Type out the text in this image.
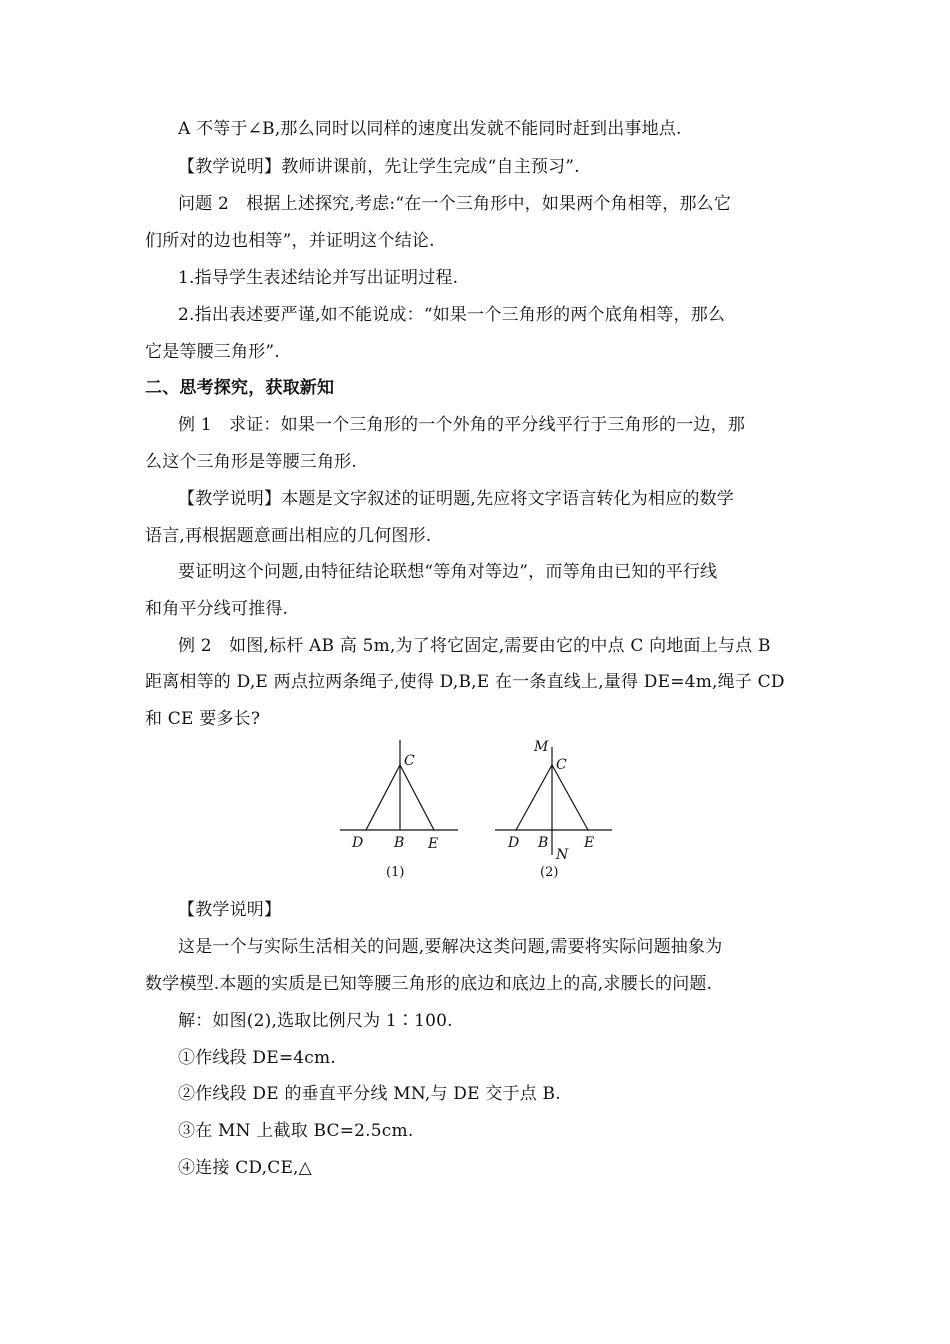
A 不等于∠B,那么同时以同样的速度出发就不能同时赶到出事地点.
【教学说明】教师讲课前，先让学生完成“自主预习”.
问题 2　根据上述探究,考虑:“在一个三角形中，如果两个角相等，那么它
们所对的边也相等”，并证明这个结论.
1.指导学生表述结论并写出证明过程.
2.指出表述要严谨,如不能说成：“如果一个三角形的两个底角相等，那么
它是等腰三角形”.
二、思考探究，获取新知
例 1　求证：如果一个三角形的一个外角的平分线平行于三角形的一边，那
么这个三角形是等腰三角形.
【教学说明】本题是文字叙述的证明题,先应将文字语言转化为相应的数学
语言,再根据题意画出相应的几何图形.
要证明这个问题,由特征结论联想“等角对等边”，而等角由已知的平行线
和角平分线可推得.
例 2　如图,标杆 AB 高 5m,为了将它固定,需要由它的中点 C 向地面上与点 B
距离相等的 D,E 两点拉两条绳子,使得 D,B,E 在一条直线上,量得 DE=4m,绳子 CD
和 CE 要多长?
C
D B E
(1)
M
C
D B	E
N
(2)
【教学说明】
这是一个与实际生活相关的问题,要解决这类问题,需要将实际问题抽象为
数学模型.本题的实质是已知等腰三角形的底边和底边上的高,求腰长的问题.
解：如图(2),选取比例尺为 1∶100.
①作线段 DE=4cm.
②作线段 DE 的垂直平分线 MN,与 DE 交于点 B.
③在 MN 上截取 BC=2.5cm.
④连接 CD,CE,△
